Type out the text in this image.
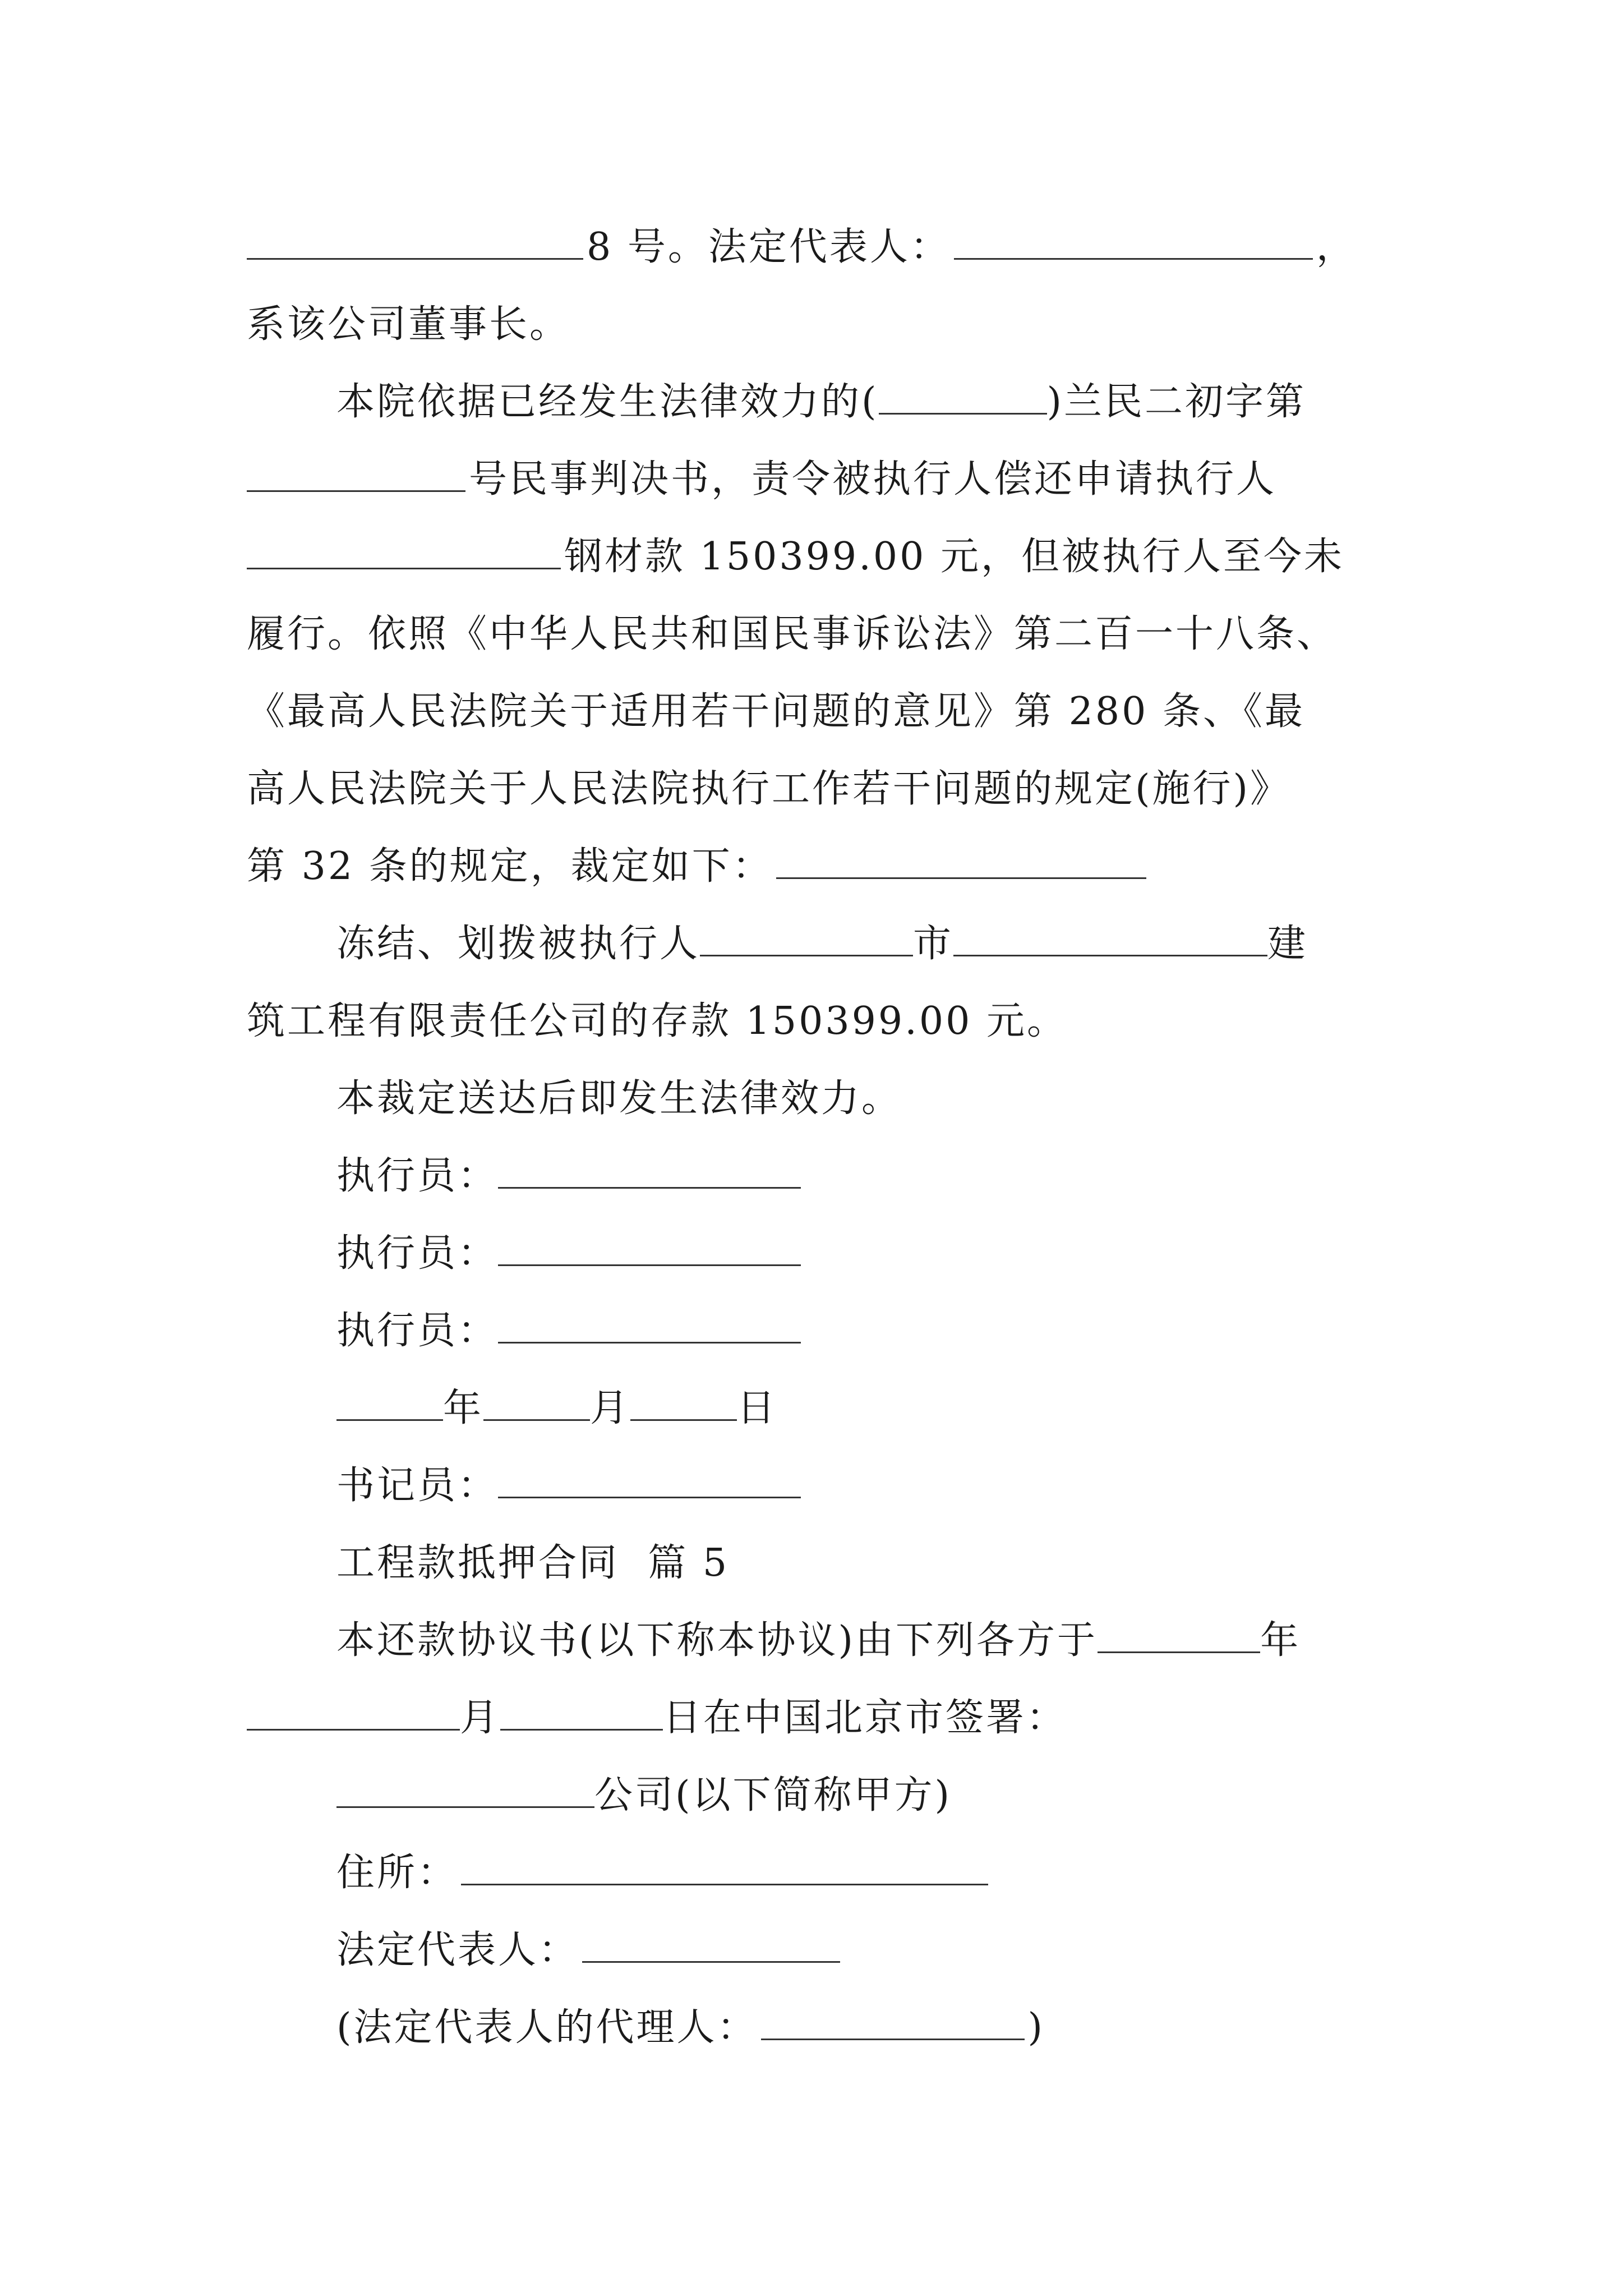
8 号。法定代表人：	，
系该公司董事长。
本院依据已经发生法律效力的(	)兰民二初字第
号民事判决书，责令被执行人偿还申请执行人
钢材款 150399.00 元，但被执行人至今未
履行。依照《中华人民共和国民事诉讼法》第二百一十八条、
《最高人民法院关于适用若干问题的意见》第 280 条、《最
高人民法院关于人民法院执行工作若干问题的规定(施行)》
第 32 条的规定，裁定如下：
冻结、划拨被执行人	市	建
筑工程有限责任公司的存款 150399.00 元。
本裁定送达后即发生法律效力。
执行员：
执行员：
执行员：
年	月	日
书记员：
工程款抵押合同  篇 5
本还款协议书(以下称本协议)由下列各方于	年
月	日在中国北京市签署：
公司(以下简称甲方)
住所：
法定代表人：
(法定代表人的代理人：	)
